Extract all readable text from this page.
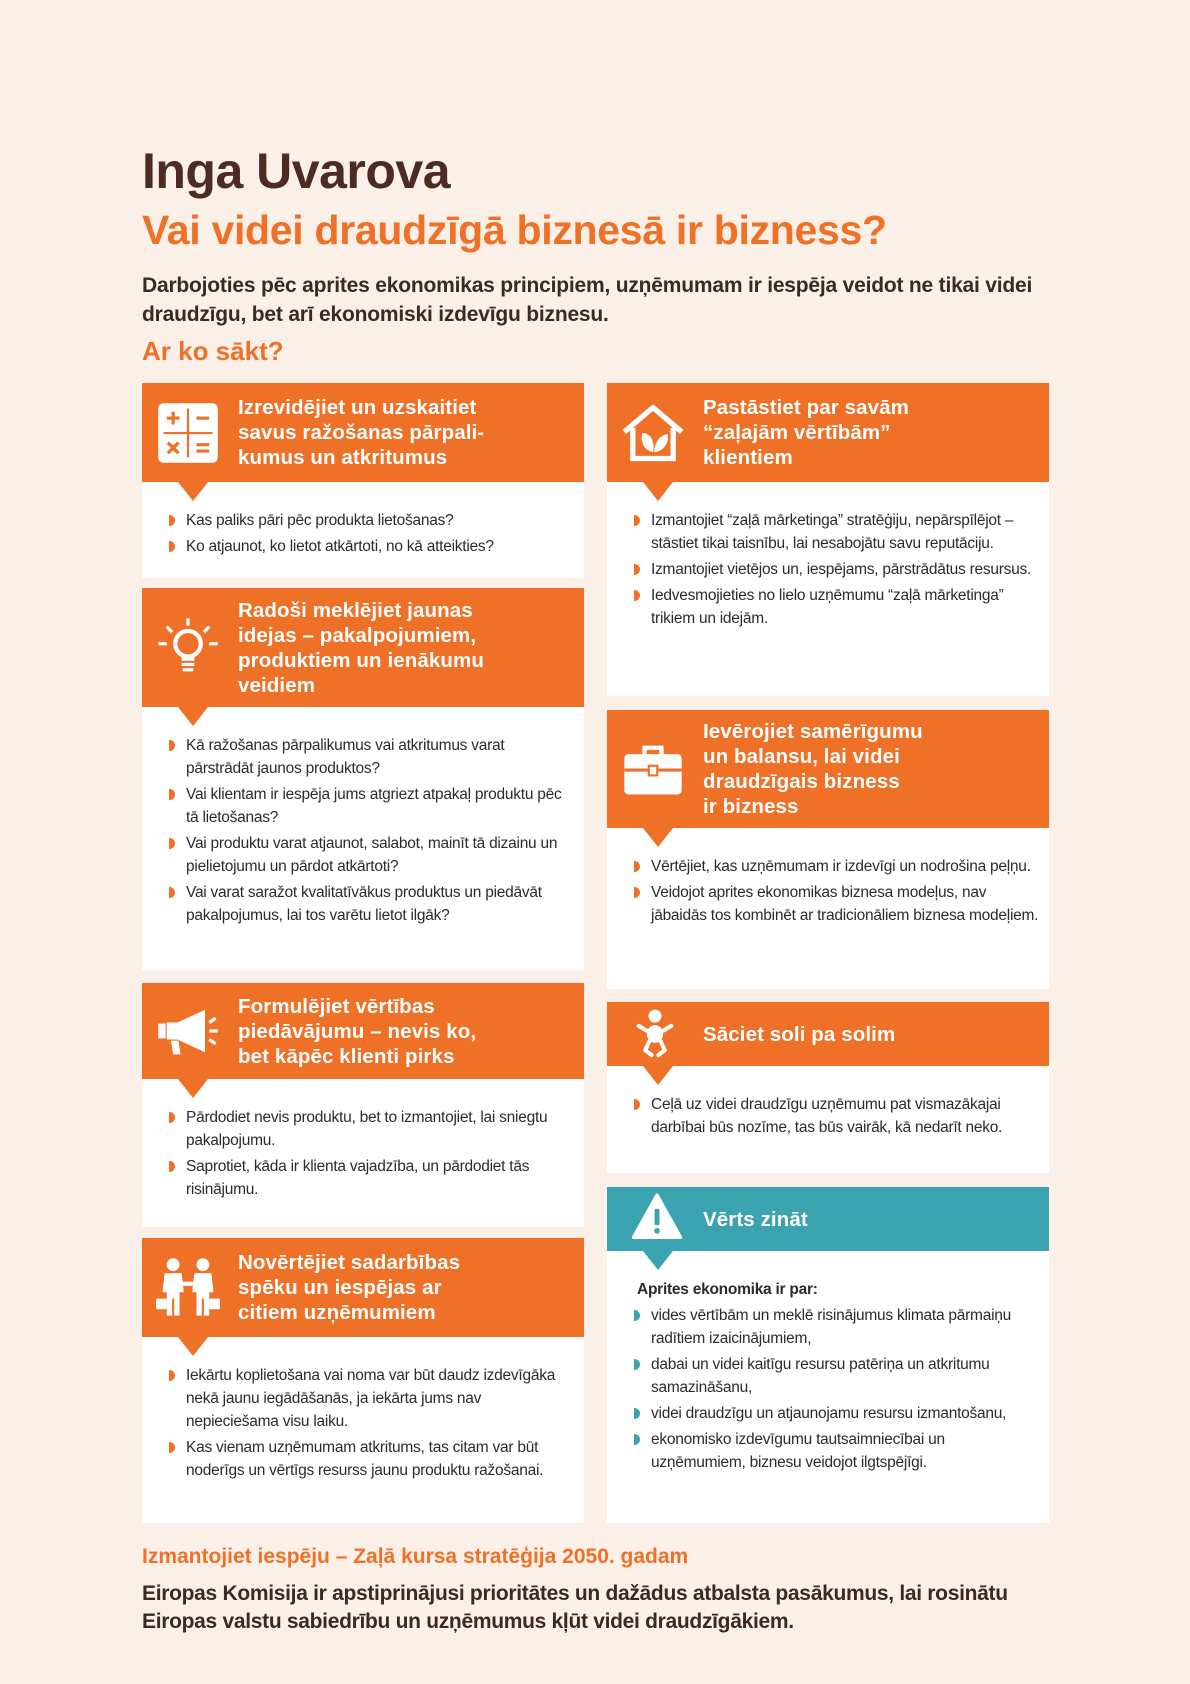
Inga Uvarova
Vai videi draudzīgā biznesā ir bizness?
Darbojoties pēc aprites ekonomikas principiem, uzņēmumam ir iespēja veidot ne tikai videi draudzīgu, bet arī ekonomiski izdevīgu biznesu.
Ar ko sākt?
Izrevidējiet un uzskaitiet
savus ražošanas pārpali-
kumus un atkritumus
Kas paliks pāri pēc produkta lietošanas?
Ko atjaunot, ko lietot atkārtoti, no kā atteikties?
Radoši meklējiet jaunas
idejas – pakalpojumiem,
produktiem un ienākumu
veidiem
Kā ražošanas pārpalikumus vai atkritumus varat pārstrādāt jaunos produktos?
Vai klientam ir iespēja jums atgriezt atpakaļ produktu pēc tā lietošanas?
Vai produktu varat atjaunot, salabot, mainīt tā dizainu un pielietojumu un pārdot atkārtoti?
Vai varat saražot kvalitatīvākus produktus un piedāvāt pakalpojumus, lai tos varētu lietot ilgāk?
Formulējiet vērtības
piedāvājumu – nevis ko,
bet kāpēc klienti pirks
Pārdodiet nevis produktu, bet to izmantojiet, lai sniegtu pakalpojumu.
Saprotiet, kāda ir klienta vajadzība, un pārdodiet tās risinājumu.
Novērtējiet sadarbības
spēku un iespējas ar
citiem uzņēmumiem
Iekārtu koplietošana vai noma var būt daudz izdevīgāka nekā jaunu iegādāšanās, ja iekārta jums nav nepieciešama visu laiku.
Kas vienam uzņēmumam atkritums, tas citam var būt noderīgs un vērtīgs resurss jaunu produktu ražošanai.
Pastāstiet par savām
“zaļajām vērtībām”
klientiem
Izmantojiet “zaļā mārketinga” stratēģiju, nepārspīlējot – stāstiet tikai taisnību, lai nesabojātu savu reputāciju.
Izmantojiet vietējos un, iespējams, pārstrādātus resursus.
Iedvesmojieties no lielo uzņēmumu “zaļā mārketinga” trikiem un idejām.
Ievērojiet samērīgumu
un balansu, lai videi
draudzīgais bizness
ir bizness
Vērtējiet, kas uzņēmumam ir izdevīgi un nodrošina peļņu.
Veidojot aprites ekonomikas biznesa modeļus, nav jābaidās tos kombinēt ar tradicionāliem biznesa modeļiem.
Sāciet soli pa solim
Ceļā uz videi draudzīgu uzņēmumu pat vismazākajai darbībai būs nozīme, tas būs vairāk, kā nedarīt neko.
Vērts zināt
Aprites ekonomika ir par:
vides vērtībām un meklē risinājumus klimata pārmaiņu radītiem izaicinājumiem,
dabai un videi kaitīgu resursu patēriņa un atkritumu samazināšanu,
videi draudzīgu un atjaunojamu resursu izmantošanu,
ekonomisko izdevīgumu tautsaimniecībai un uzņēmumiem, biznesu veidojot ilgtspējīgi.
Izmantojiet iespēju – Zaļā kursa stratēģija 2050. gadam
Eiropas Komisija ir apstiprinājusi prioritātes un dažādus atbalsta pasākumus, lai rosinātu Eiropas valstu sabiedrību un uzņēmumus kļūt videi draudzīgākiem.
